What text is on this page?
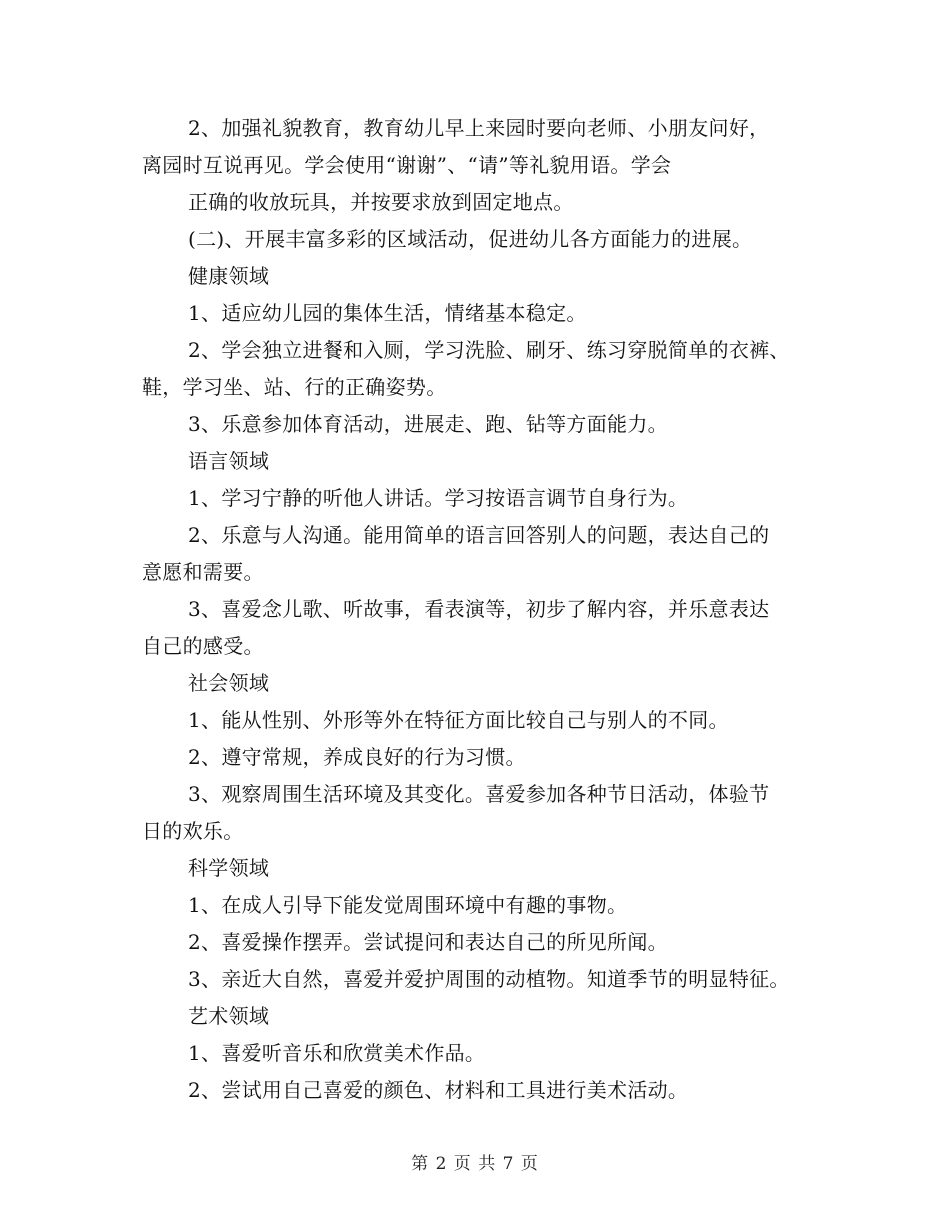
2、加强礼貌教育，教育幼儿早上来园时要向老师、小朋友问好，
离园时互说再见。学会使用“谢谢”、“请”等礼貌用语。学会
正确的收放玩具，并按要求放到固定地点。
(二)、开展丰富多彩的区域活动，促进幼儿各方面能力的进展。
健康领域
1、适应幼儿园的集体生活，情绪基本稳定。
2、学会独立进餐和入厕，学习洗脸、刷牙、练习穿脱简单的衣裤、
鞋，学习坐、站、行的正确姿势。
3、乐意参加体育活动，进展走、跑、钻等方面能力。
语言领域
1、学习宁静的听他人讲话。学习按语言调节自身行为。
2、乐意与人沟通。能用简单的语言回答别人的问题，表达自己的
意愿和需要。
3、喜爱念儿歌、听故事，看表演等，初步了解内容，并乐意表达
自己的感受。
社会领域
1、能从性别、外形等外在特征方面比较自己与别人的不同。
2、遵守常规，养成良好的行为习惯。
3、观察周围生活环境及其变化。喜爱参加各种节日活动，体验节
日的欢乐。
科学领域
1、在成人引导下能发觉周围环境中有趣的事物。
2、喜爱操作摆弄。尝试提问和表达自己的所见所闻。
3、亲近大自然，喜爱并爱护周围的动植物。知道季节的明显特征。
艺术领域
1、喜爱听音乐和欣赏美术作品。
2、尝试用自己喜爱的颜色、材料和工具进行美术活动。
第 2 页 共 7 页
